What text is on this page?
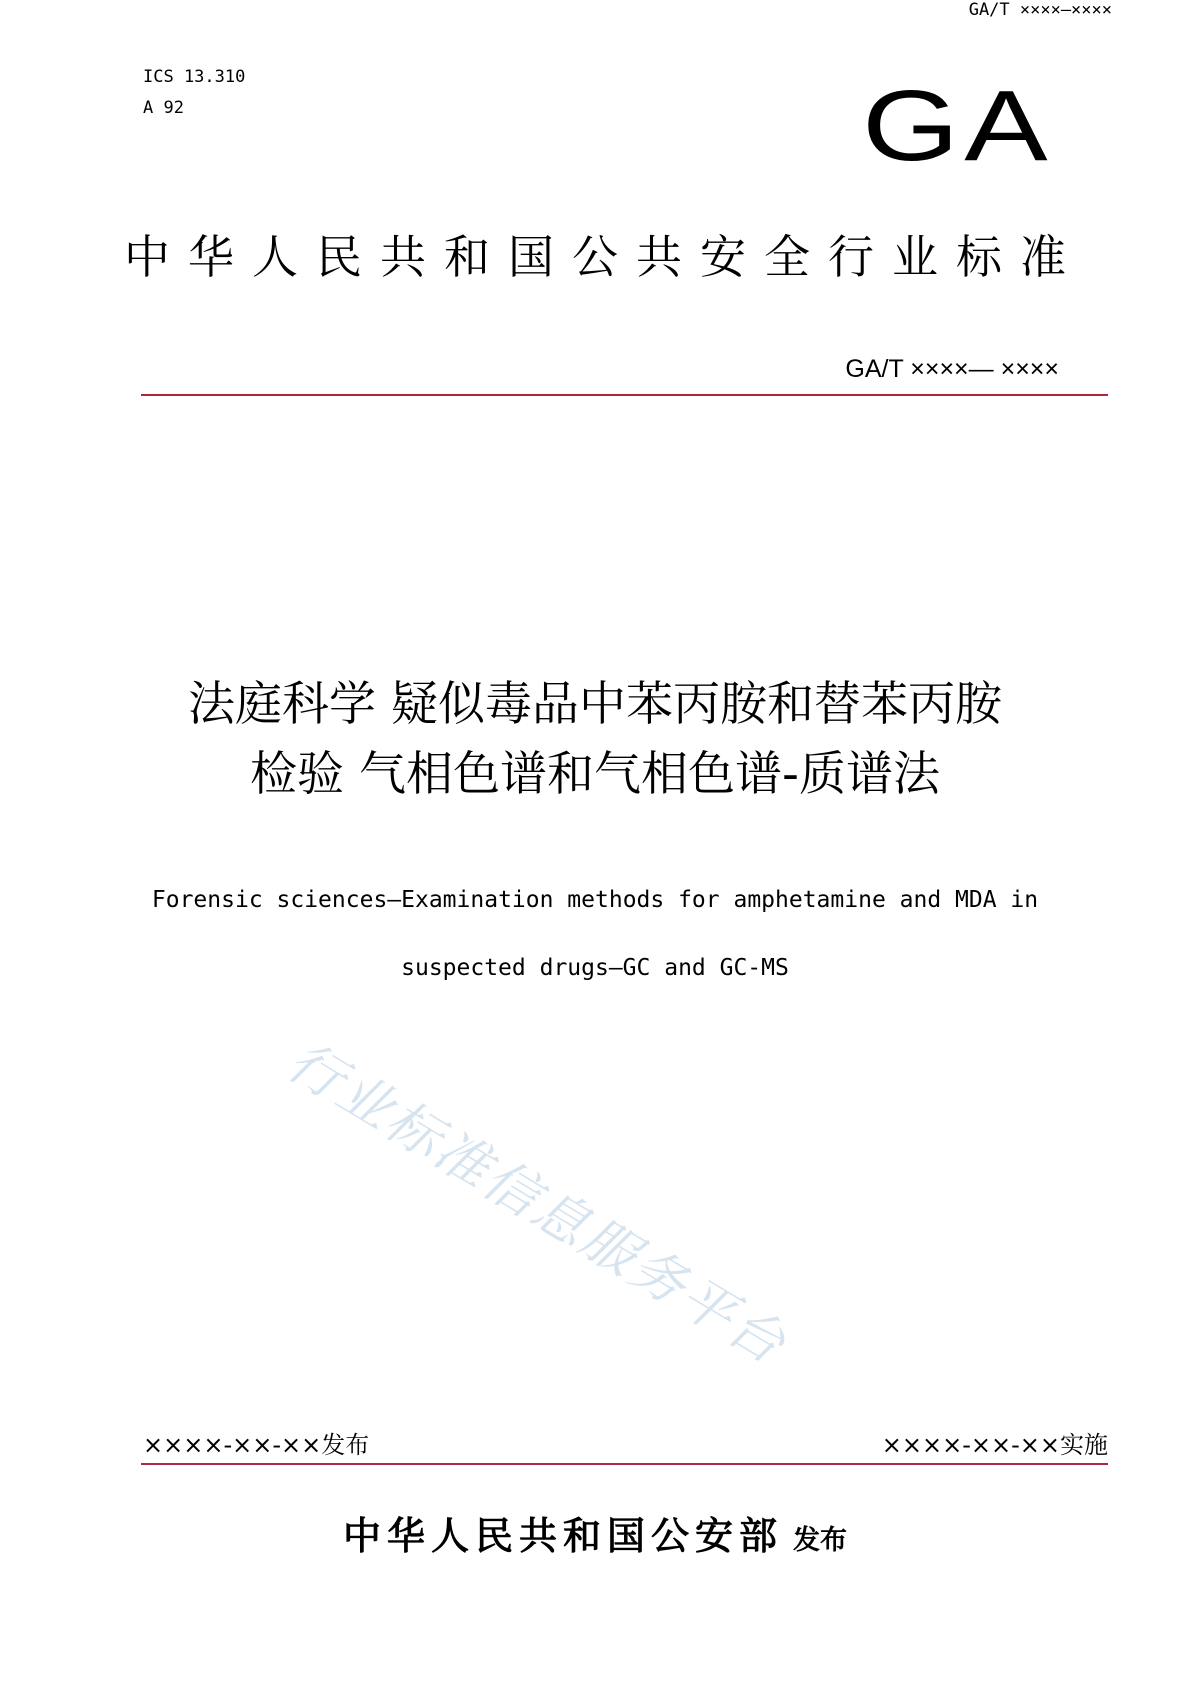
GA/T ××××—××××
ICS 13.310
A 92	GA
中华人民共和国公共安全行业标准
GA/T ××××— ××××
法庭科学 疑似毒品中苯丙胺和替苯丙胺
检验 气相色谱和气相色谱-质谱法
Forensic sciences—Examination methods for amphetamine and MDA in
suspected drugs—GC and GC-MS
行业标准信息服务平台
××××-××-××发布	××××-××-××实施
中华人民共和国公安部 发布
